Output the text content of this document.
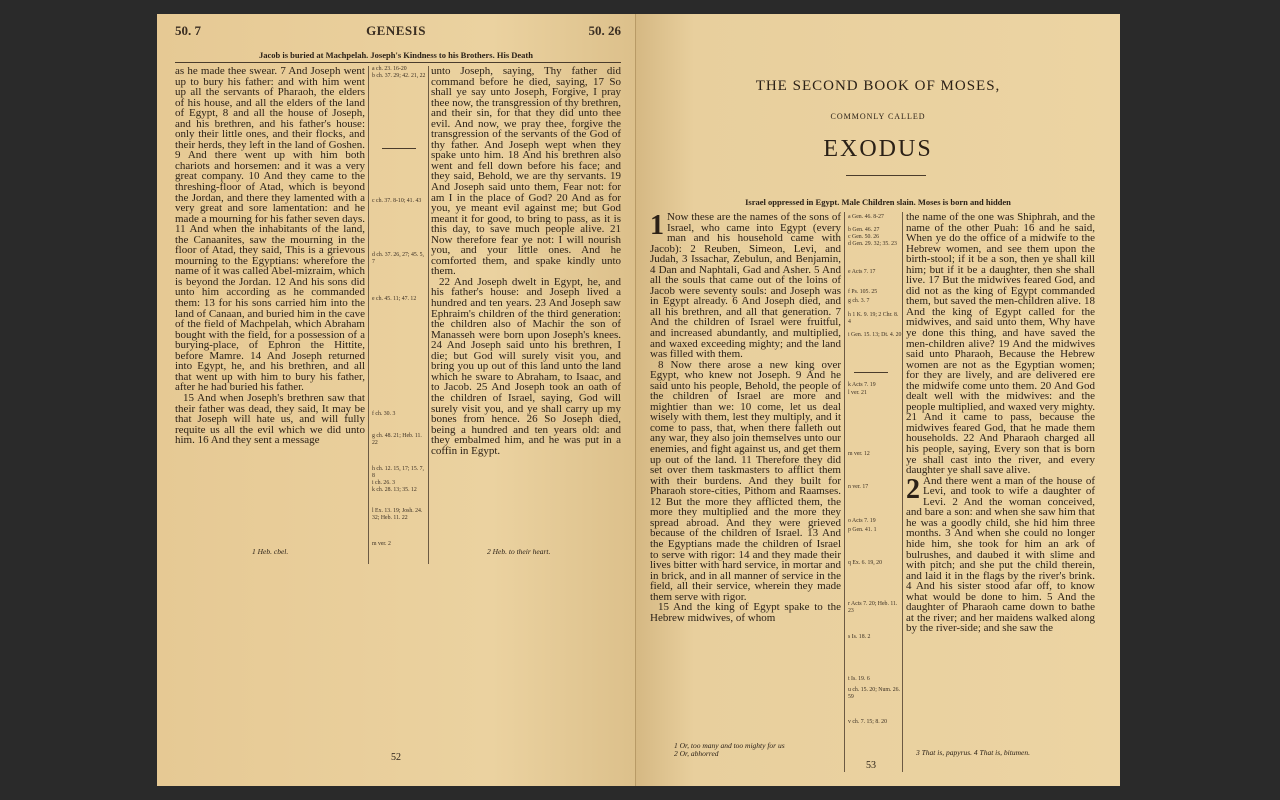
50. 7	GENESIS	50. 26
Jacob is buried at Machpelah. Joseph's Kindness to his Brothers. His Death

as he made thee swear. 7 And Joseph went up to bury his father: and with him went up all the servants of Pharaoh, the elders of his house, and all the elders of the land of Egypt, 8 and all the house of Joseph, and his brethren, and his father's house: only their little ones, and their flocks, and their herds, they left in the land of Goshen. 9 And there went up with him both chariots and horsemen: and it was a very great company. 10 And they came to the threshing-floor of Atad, which is beyond the Jordan, and there they lamented with a very great and sore lamentation: and he made a mourning for his father seven days. 11 And when the inhabitants of the land, the Canaanites, saw the mourning in the floor of Atad, they said, This is a grievous mourning to the Egyptians: wherefore the name of it was called Abel-mizraim, which is beyond the Jordan. 12 And his sons did unto him according as he commanded them: 13 for his sons carried him into the land of Canaan, and buried him in the cave of the field of Machpelah, which Abraham bought with the field, for a possession of a burying-place, of Ephron the Hittite, before Mamre. 14 And Joseph returned into Egypt, he, and his brethren, and all that went up with him to bury his father, after he had buried his father.

15 And when Joseph's brethren saw that their father was dead, they said, It may be that Joseph will hate us, and will fully requite us all the evil which we did unto him. 16 And they sent a message

a ch. 23. 16-20
b ch. 37. 29; 42. 21, 22
c ch. 37. 8-10; 41. 43
d ch. 37. 26, 27; 45. 5, 7
e ch. 45. 11; 47. 12
f ch. 30. 3
g ch. 48. 21; Heb. 11. 22
h ch. 12. 15, 17; 15. 7, 8
i ch. 26. 3
k ch. 28. 13; 35. 12
l Ex. 13. 19; Josh. 24. 32; Heb. 11. 22
m ver. 2

unto Joseph, saying, Thy father did command before he died, saying, 17 So shall ye say unto Joseph, Forgive, I pray thee now, the transgression of thy brethren, and their sin, for that they did unto thee evil. And now, we pray thee, forgive the transgression of the servants of the God of thy father. And Joseph wept when they spake unto him. 18 And his brethren also went and fell down before his face; and they said, Behold, we are thy servants. 19 And Joseph said unto them, Fear not: for am I in the place of God? 20 And as for you, ye meant evil against me; but God meant it for good, to bring to pass, as it is this day, to save much people alive. 21 Now therefore fear ye not: I will nourish you, and your little ones. And he comforted them, and spake kindly unto them.

22 And Joseph dwelt in Egypt, he, and his father's house: and Joseph lived a hundred and ten years. 23 And Joseph saw Ephraim's children of the third generation: the children also of Machir the son of Manasseh were born upon Joseph's knees. 24 And Joseph said unto his brethren, I die; but God will surely visit you, and bring you up out of this land unto the land which he sware to Abraham, to Isaac, and to Jacob. 25 And Joseph took an oath of the children of Israel, saying, God will surely visit you, and ye shall carry up my bones from hence. 26 So Joseph died, being a hundred and ten years old: and they embalmed him, and he was put in a coffin in Egypt.

1 Heb. cbel.	2 Heb. to their heart.
52
THE SECOND BOOK OF MOSES,
COMMONLY CALLED
EXODUS
Israel oppressed in Egypt. Male Children slain. Moses is born and hidden

1 Now these are the names of the sons of Israel, who came into Egypt (every man and his household came with Jacob): 2 Reuben, Simeon, Levi, and Judah, 3 Issachar, Zebulun, and Benjamin, 4 Dan and Naphtali, Gad and Asher. 5 And all the souls that came out of the loins of Jacob were seventy souls: and Joseph was in Egypt already. 6 And Joseph died, and all his brethren, and all that generation. 7 And the children of Israel were fruitful, and increased abundantly, and multiplied, and waxed exceeding mighty; and the land was filled with them.

8 Now there arose a new king over Egypt, who knew not Joseph. 9 And he said unto his people, Behold, the people of the children of Israel are more and mightier than we: 10 come, let us deal wisely with them, lest they multiply, and it come to pass, that, when there falleth out any war, they also join themselves unto our enemies, and fight against us, and get them up out of the land. 11 Therefore they did set over them taskmasters to afflict them with their burdens. And they built for Pharaoh store-cities, Pithom and Raamses. 12 But the more they afflicted them, the more they multiplied and the more they spread abroad. And they were grieved because of the children of Israel. 13 And the Egyptians made the children of Israel to serve with rigor: 14 and they made their lives bitter with hard service, in mortar and in brick, and in all manner of service in the field, all their service, wherein they made them serve with rigor.

15 And the king of Egypt spake to the Hebrew midwives, of whom

a Gen. 46. 8-27
b Gen. 46. 27
c Gen. 50. 26
d Gen. 29. 32; 35. 23
e Acts 7. 17
f Ps. 105. 25
g ch. 3. 7
h 1 K. 9. 19; 2 Chr. 8. 4
i Gen. 15. 13; Dt. 4. 20
k Acts 7. 19
l ver. 21
m ver. 12
n ver. 17
o Acts 7. 19
p Gen. 41. 1
q Ex. 6. 19, 20
r Acts 7. 20; Heb. 11. 23
s Is. 18. 2
t Is. 19. 6
u ch. 15. 20; Num. 26. 59
v ch. 7. 15; 8. 20

the name of the one was Shiphrah, and the name of the other Puah: 16 and he said, When ye do the office of a midwife to the Hebrew women, and see them upon the birth-stool; if it be a son, then ye shall kill him; but if it be a daughter, then she shall live. 17 But the midwives feared God, and did not as the king of Egypt commanded them, but saved the men-children alive. 18 And the king of Egypt called for the midwives, and said unto them, Why have ye done this thing, and have saved the men-children alive? 19 And the midwives said unto Pharaoh, Because the Hebrew women are not as the Egyptian women; for they are lively, and are delivered ere the midwife come unto them. 20 And God dealt well with the midwives: and the people multiplied, and waxed very mighty. 21 And it came to pass, because the midwives feared God, that he made them households. 22 And Pharaoh charged all his people, saying, Every son that is born ye shall cast into the river, and every daughter ye shall save alive.

2 And there went a man of the house of Levi, and took to wife a daughter of Levi. 2 And the woman conceived, and bare a son: and when she saw him that he was a goodly child, she hid him three months. 3 And when she could no longer hide him, she took for him an ark of bulrushes, and daubed it with slime and with pitch; and she put the child therein, and laid it in the flags by the river's brink. 4 And his sister stood afar off, to know what would be done to him. 5 And the daughter of Pharaoh came down to bathe at the river; and her maidens walked along by the river-side; and she saw the

1 Or, too many and too mighty for us
2 Or, abhorred	3 That is, papyrus. 4 That is, bitumen.
53
